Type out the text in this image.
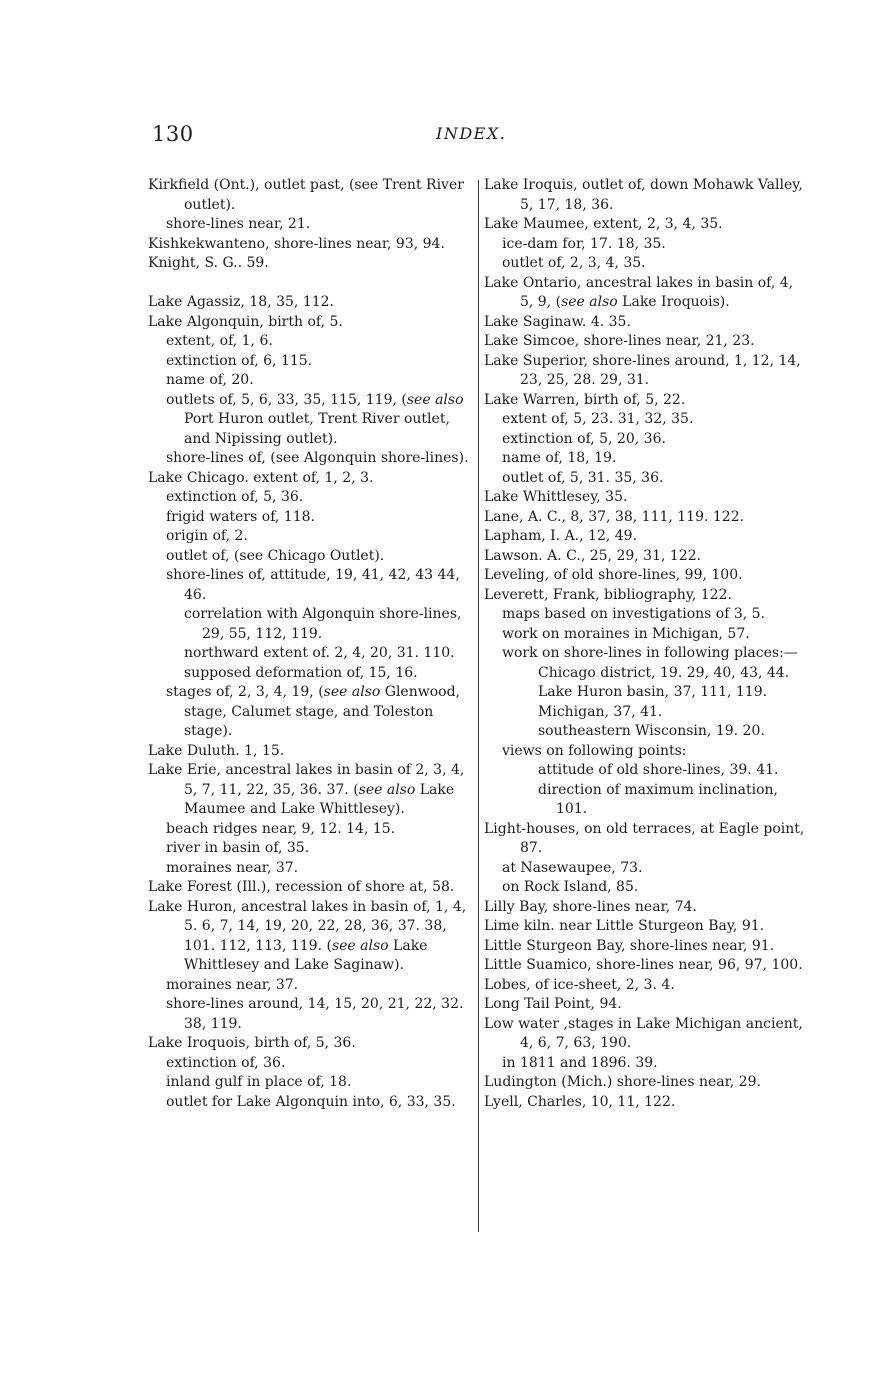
130	INDEX.
Kirkfield (Ont.), outlet past, (see Trent River outlet).
shore-lines near, 21.
Kishkekwanteno, shore-lines near, 93, 94.
Knight, S. G.. 59.
Lake Agassiz, 18, 35, 112.
Lake Algonquin, birth of, 5.
extent, of, 1, 6.
extinction of, 6, 115.
name of, 20.
outlets of, 5, 6, 33, 35, 115, 119, (see also Port Huron outlet, Trent River outlet, and Nipissing outlet).
shore-lines of, (see Algonquin shore-lines).
Lake Chicago. extent of, 1, 2, 3.
extinction of, 5, 36.
frigid waters of, 118.
origin of, 2.
outlet of, (see Chicago Outlet).
shore-lines of, attitude, 19, 41, 42, 43 44, 46.
correlation with Algonquin shore-lines, 29, 55, 112, 119.
northward extent of. 2, 4, 20, 31. 110.
supposed deformation of, 15, 16.
stages of, 2, 3, 4, 19, (see also Glenwood, stage, Calumet stage, and Toleston stage).
Lake Duluth. 1, 15.
Lake Erie, ancestral lakes in basin of 2, 3, 4, 5, 7, 11, 22, 35, 36. 37. (see also Lake Maumee and Lake Whittlesey).
beach ridges near, 9, 12. 14, 15.
river in basin of, 35.
moraines near, 37.
Lake Forest (Ill.), recession of shore at, 58.
Lake Huron, ancestral lakes in basin of, 1, 4, 5. 6, 7, 14, 19, 20, 22, 28, 36, 37. 38, 101. 112, 113, 119. (see also Lake Whittlesey and Lake Saginaw).
moraines near, 37.
shore-lines around, 14, 15, 20, 21, 22, 32. 38, 119.
Lake Iroquois, birth of, 5, 36.
extinction of, 36.
inland gulf in place of, 18.
outlet for Lake Algonquin into, 6, 33, 35.
Lake Iroquis, outlet of, down Mohawk Valley, 5, 17, 18, 36.
Lake Maumee, extent, 2, 3, 4, 35.
ice-dam for, 17. 18, 35.
outlet of, 2, 3, 4, 35.
Lake Ontario, ancestral lakes in basin of, 4, 5, 9, (see also Lake Iroquois).
Lake Saginaw. 4. 35.
Lake Simcoe, shore-lines near, 21, 23.
Lake Superior, shore-lines around, 1, 12, 14, 23, 25, 28. 29, 31.
Lake Warren, birth of, 5, 22.
extent of, 5, 23. 31, 32, 35.
extinction of, 5, 20, 36.
name of, 18, 19.
outlet of, 5, 31. 35, 36.
Lake Whittlesey, 35.
Lane, A. C., 8, 37, 38, 111, 119. 122.
Lapham, I. A., 12, 49.
Lawson. A. C., 25, 29, 31, 122.
Leveling, of old shore-lines, 99, 100.
Leverett, Frank, bibliography, 122.
maps based on investigations of 3, 5.
work on moraines in Michigan, 57.
work on shore-lines in following places:—
Chicago district, 19. 29, 40, 43, 44.
Lake Huron basin, 37, 111, 119.
Michigan, 37, 41.
southeastern Wisconsin, 19. 20.
views on following points:
attitude of old shore-lines, 39. 41.
direction of maximum inclination, 101.
Light-houses, on old terraces, at Eagle point, 87.
at Nasewaupee, 73.
on Rock Island, 85.
Lilly Bay, shore-lines near, 74.
Lime kiln. near Little Sturgeon Bay, 91.
Little Sturgeon Bay, shore-lines near, 91.
Little Suamico, shore-lines near, 96, 97, 100.
Lobes, of ice-sheet, 2, 3. 4.
Long Tail Point, 94.
Low water ,stages in Lake Michigan ancient, 4, 6, 7, 63, 190.
in 1811 and 1896. 39.
Ludington (Mich.) shore-lines near, 29.
Lyell, Charles, 10, 11, 122.
